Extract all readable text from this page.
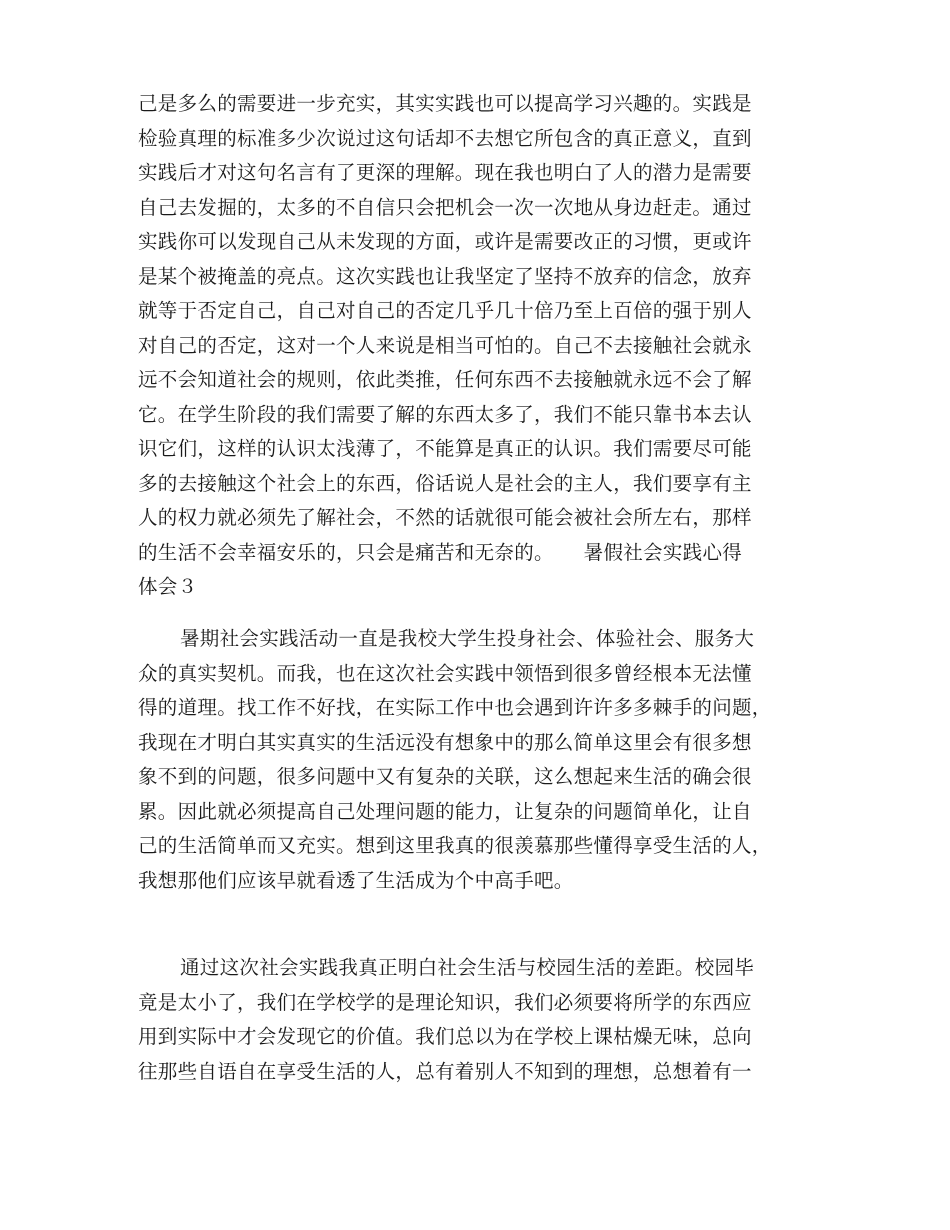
己是多么的需要进一步充实，其实实践也可以提高学习兴趣的。实践是
检验真理的标准多少次说过这句话却不去想它所包含的真正意义，直到
实践后才对这句名言有了更深的理解。现在我也明白了人的潜力是需要
自己去发掘的，太多的不自信只会把机会一次一次地从身边赶走。通过
实践你可以发现自己从未发现的方面，或许是需要改正的习惯，更或许
是某个被掩盖的亮点。这次实践也让我坚定了坚持不放弃的信念，放弃
就等于否定自己，自己对自己的否定几乎几十倍乃至上百倍的强于别人
对自己的否定，这对一个人来说是相当可怕的。自己不去接触社会就永
远不会知道社会的规则，依此类推，任何东西不去接触就永远不会了解
它。在学生阶段的我们需要了解的东西太多了，我们不能只靠书本去认
识它们，这样的认识太浅薄了，不能算是真正的认识。我们需要尽可能
多的去接触这个社会上的东西，俗话说人是社会的主人，我们要享有主
人的权力就必须先了解社会，不然的话就很可能会被社会所左右，那样
的生活不会幸福安乐的，只会是痛苦和无奈的。　　暑假社会实践心得
体会３
暑期社会实践活动一直是我校大学生投身社会、体验社会、服务大
众的真实契机。而我，也在这次社会实践中领悟到很多曾经根本无法懂
得的道理。找工作不好找，在实际工作中也会遇到许许多多棘手的问题，
我现在才明白其实真实的生活远没有想象中的那么简单这里会有很多想
象不到的问题，很多问题中又有复杂的关联，这么想起来生活的确会很
累。因此就必须提高自己处理问题的能力，让复杂的问题简单化，让自
己的生活简单而又充实。想到这里我真的很羡慕那些懂得享受生活的人，
我想那他们应该早就看透了生活成为个中高手吧。
通过这次社会实践我真正明白社会生活与校园生活的差距。校园毕
竟是太小了，我们在学校学的是理论知识，我们必须要将所学的东西应
用到实际中才会发现它的价值。我们总以为在学校上课枯燥无味，总向
往那些自语自在享受生活的人，总有着别人不知到的理想，总想着有一
